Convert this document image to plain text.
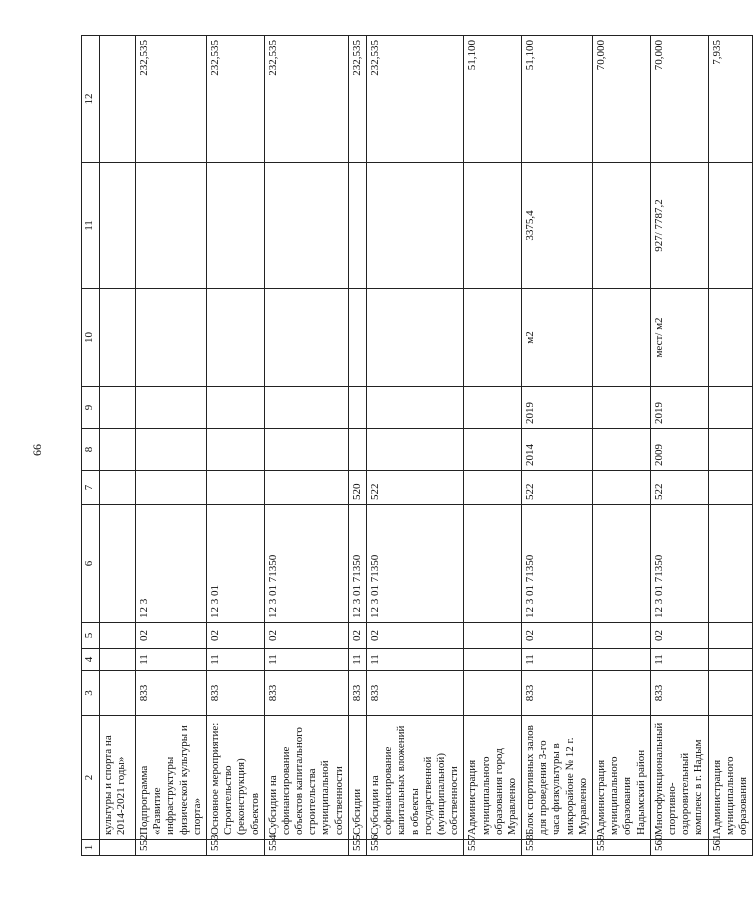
66
1	2	3	4	5	6	7	8	9	10	11	12
	культуры и спорта на 2014-2021 годы»										
552	Подпрограмма «Развитие инфраструктуры физической культуры и спорта»	833	11	02	12 3						232,535
553	Основное мероприятие: Строительство (реконструкция) объектов	833	11	02	12 3 01						232,535
554	Субсидии на софинансирование объектов капитального строительства муниципальной собственности	833	11	02	12 3 01 71350						232,535
555	Субсидии	833	11	02	12 3 01 71350	520					232,535
556	Субсидии на софинансирование капитальных вложений в объекты государственной (муниципальной) собственности	833	11	02	12 3 01 71350	522					232,535
557	Администрация муниципального образования город Муравленко										51,100
558	Блок спортивных залов для проведения 3-го часа физкультуры в микрорайоне № 12 г. Муравленко	833	11	02	12 3 01 71350	522	2014	2019	м2	3375,4	51,100
559	Администрация муниципального образования Надымский район										70,000
560	Многофункциональный спортивно-оздоровительный комплекс в г. Надым	833	11	02	12 3 01 71350	522	2009	2019	мест/ м2	927/ 7787,2	70,000
561	Администрация муниципального образования										7,935
